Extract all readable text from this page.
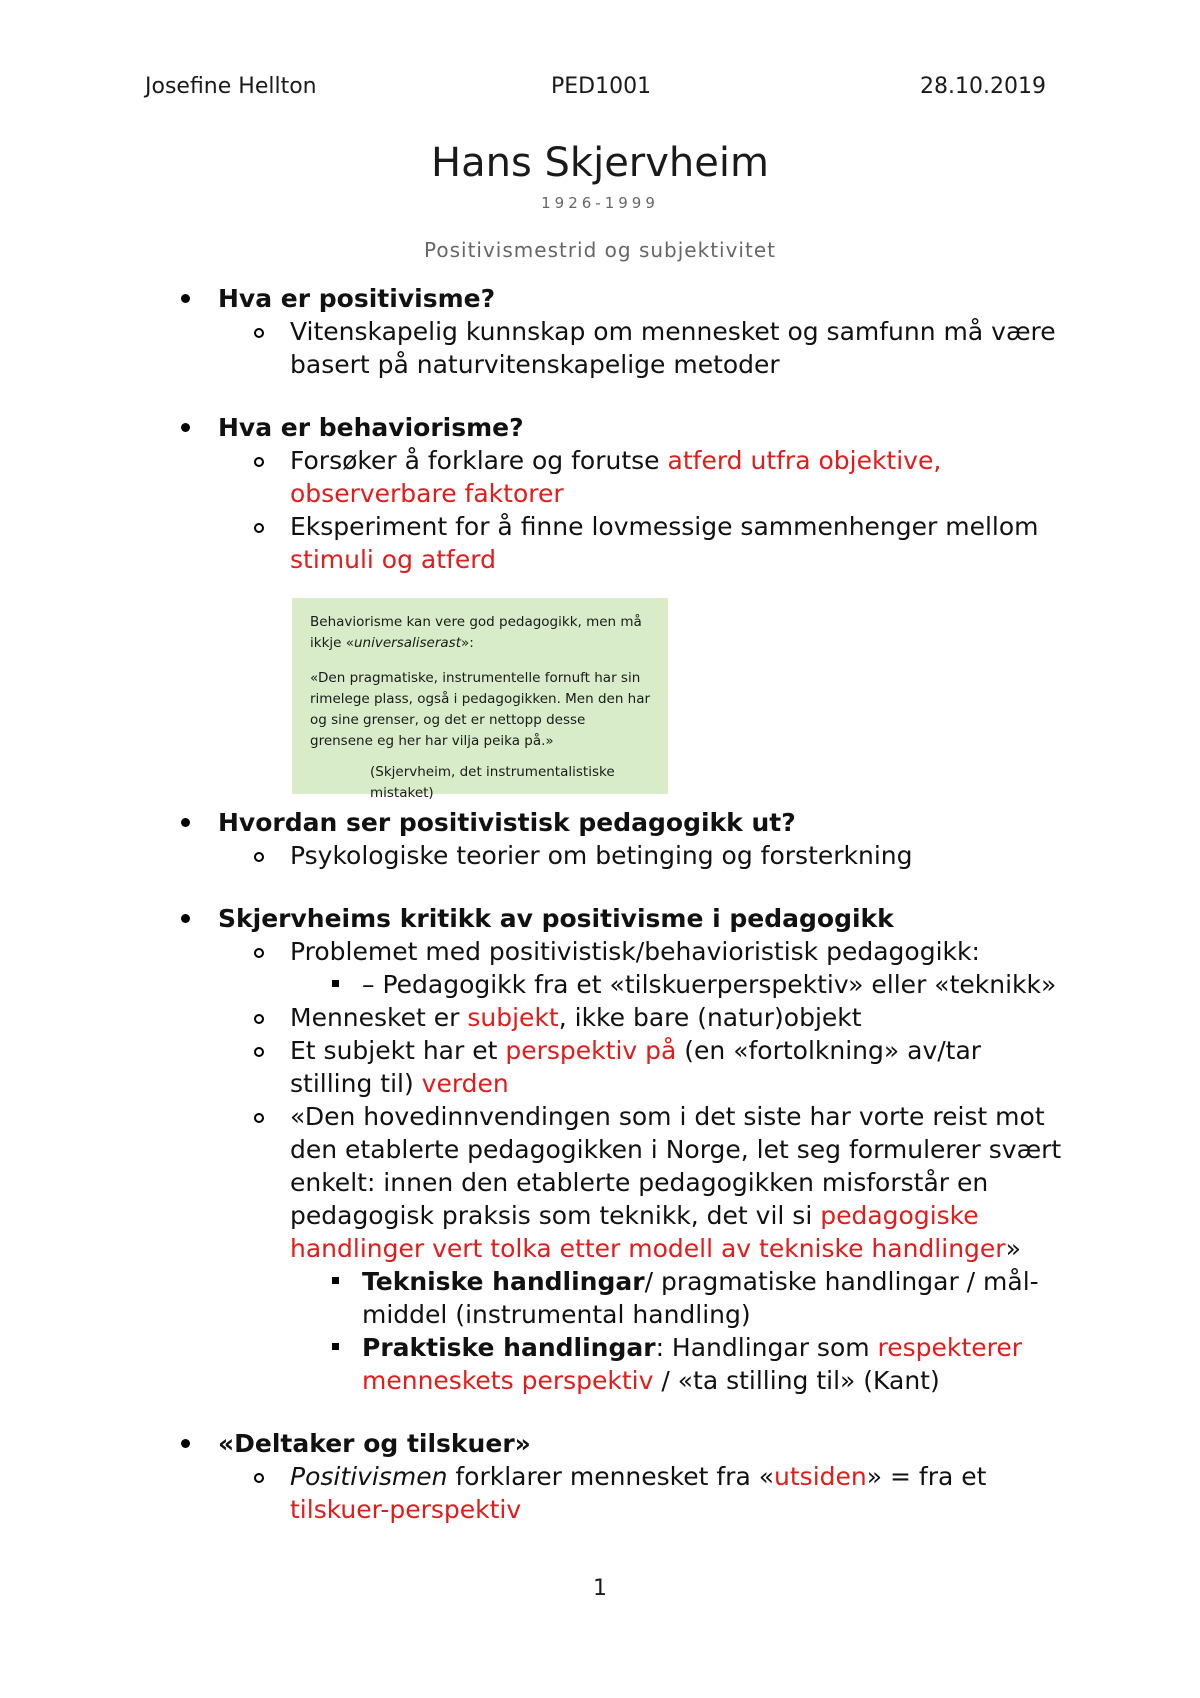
Josefine Hellton	PED1001	28.10.2019
Hans Skjervheim
1926-1999
Positivismestrid og subjektivitet
Hva er positivisme?
Vitenskapelig kunnskap om mennesket og samfunn må være basert på naturvitenskapelige metoder
Hva er behaviorisme?
Forsøker å forklare og forutse atferd utfra objektive, observerbare faktorer
Eksperiment for å finne lovmessige sammenhenger mellom stimuli og atferd

Behaviorisme kan vere god pedagogikk, men må ikkje «universaliserast»:

«Den pragmatiske, instrumentelle fornuft har sin rimelege plass, også i pedagogikken. Men den har og sine grenser, og det er nettopp desse grensene eg her har vilja peika på.»

(Skjervheim, det instrumentalistiske mistaket)

Hvordan ser positivistisk pedagogikk ut?
Psykologiske teorier om betinging og forsterkning
Skjervheims kritikk av positivisme i pedagogikk
Problemet med positivistisk/behavioristisk pedagogikk:
– Pedagogikk fra et «tilskuerperspektiv» eller «teknikk»
Mennesket er subjekt, ikke bare (natur)objekt
Et subjekt har et perspektiv på (en «fortolkning» av/tar stilling til) verden
«Den hovedinnvendingen som i det siste har vorte reist mot den etablerte pedagogikken i Norge, let seg formulerer svært enkelt: innen den etablerte pedagogikken misforstår en pedagogisk praksis som teknikk, det vil si pedagogiske handlinger vert tolka etter modell av tekniske handlinger»
Tekniske handlingar/ pragmatiske handlingar / mål-middel (instrumental handling)
Praktiske handlingar: Handlingar som respekterer menneskets perspektiv / «ta stilling til» (Kant)
«Deltaker og tilskuer»
Positivismen forklarer mennesket fra «utsiden» = fra et tilskuer-perspektiv
1
